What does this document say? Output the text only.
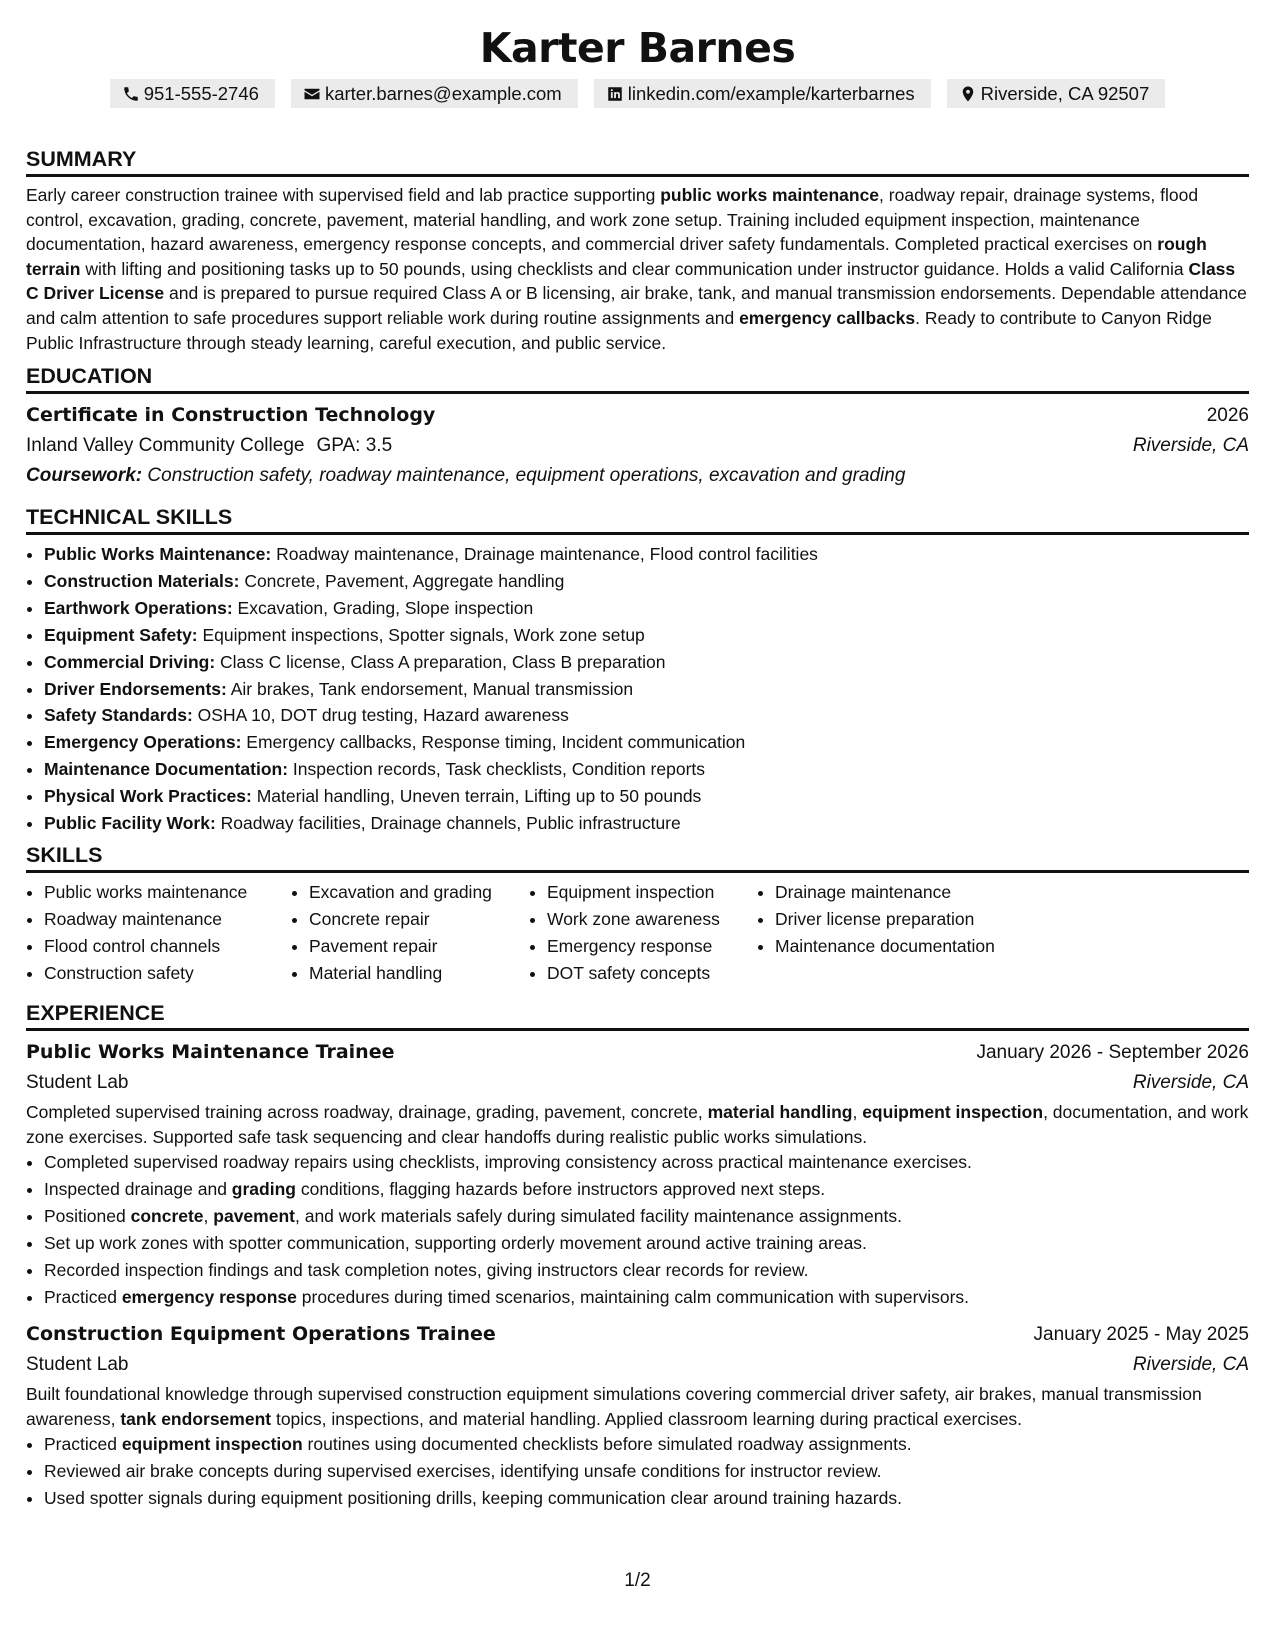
Karter Barnes
951-555-2746	karter.barnes@example.com	linkedin.com/example/karterbarnes	Riverside, CA 92507
SUMMARY

Early career construction trainee with supervised field and lab practice supporting public works maintenance, roadway repair, drainage systems, flood control, excavation, grading, concrete, pavement, material handling, and work zone setup. Training included equipment inspection, maintenance documentation, hazard awareness, emergency response concepts, and commercial driver safety fundamentals. Completed practical exercises on rough terrain with lifting and positioning tasks up to 50 pounds, using checklists and clear communication under instructor guidance. Holds a valid California Class C Driver License and is prepared to pursue required Class A or B licensing, air brake, tank, and manual transmission endorsements. Dependable attendance and calm attention to safe procedures support reliable work during routine assignments and emergency callbacks. Ready to contribute to Canyon Ridge Public Infrastructure through steady learning, careful execution, and public service.

EDUCATION
Certificate in Construction Technology	2026
Inland Valley Community College GPA: 3.5	Riverside, CA
Coursework: Construction safety, roadway maintenance, equipment operations, excavation and grading
TECHNICAL SKILLS
• Public Works Maintenance: Roadway maintenance, Drainage maintenance, Flood control facilities
• Construction Materials: Concrete, Pavement, Aggregate handling
• Earthwork Operations: Excavation, Grading, Slope inspection
• Equipment Safety: Equipment inspections, Spotter signals, Work zone setup
• Commercial Driving: Class C license, Class A preparation, Class B preparation
• Driver Endorsements: Air brakes, Tank endorsement, Manual transmission
• Safety Standards: OSHA 10, DOT drug testing, Hazard awareness
• Emergency Operations: Emergency callbacks, Response timing, Incident communication
• Maintenance Documentation: Inspection records, Task checklists, Condition reports
• Physical Work Practices: Material handling, Uneven terrain, Lifting up to 50 pounds
• Public Facility Work: Roadway facilities, Drainage channels, Public infrastructure
SKILLS
• Public works maintenance
• Roadway maintenance
• Flood control channels
• Construction safety
• Excavation and grading
• Concrete repair
• Pavement repair
• Material handling
• Equipment inspection
• Work zone awareness
• Emergency response
• DOT safety concepts
• Drainage maintenance
• Driver license preparation
• Maintenance documentation
EXPERIENCE
Public Works Maintenance Trainee	January 2026 - September 2026
Student Lab	Riverside, CA

Completed supervised training across roadway, drainage, grading, pavement, concrete, material handling, equipment inspection, documentation, and work zone exercises. Supported safe task sequencing and clear handoffs during realistic public works simulations.

• Completed supervised roadway repairs using checklists, improving consistency across practical maintenance exercises.
• Inspected drainage and grading conditions, flagging hazards before instructors approved next steps.
• Positioned concrete, pavement, and work materials safely during simulated facility maintenance assignments.
• Set up work zones with spotter communication, supporting orderly movement around active training areas.
• Recorded inspection findings and task completion notes, giving instructors clear records for review.
• Practiced emergency response procedures during timed scenarios, maintaining calm communication with supervisors.
Construction Equipment Operations Trainee	January 2025 - May 2025
Student Lab	Riverside, CA

Built foundational knowledge through supervised construction equipment simulations covering commercial driver safety, air brakes, manual transmission awareness, tank endorsement topics, inspections, and material handling. Applied classroom learning during practical exercises.

• Practiced equipment inspection routines using documented checklists before simulated roadway assignments.
• Reviewed air brake concepts during supervised exercises, identifying unsafe conditions for instructor review.
• Used spotter signals during equipment positioning drills, keeping communication clear around training hazards.
1/2
